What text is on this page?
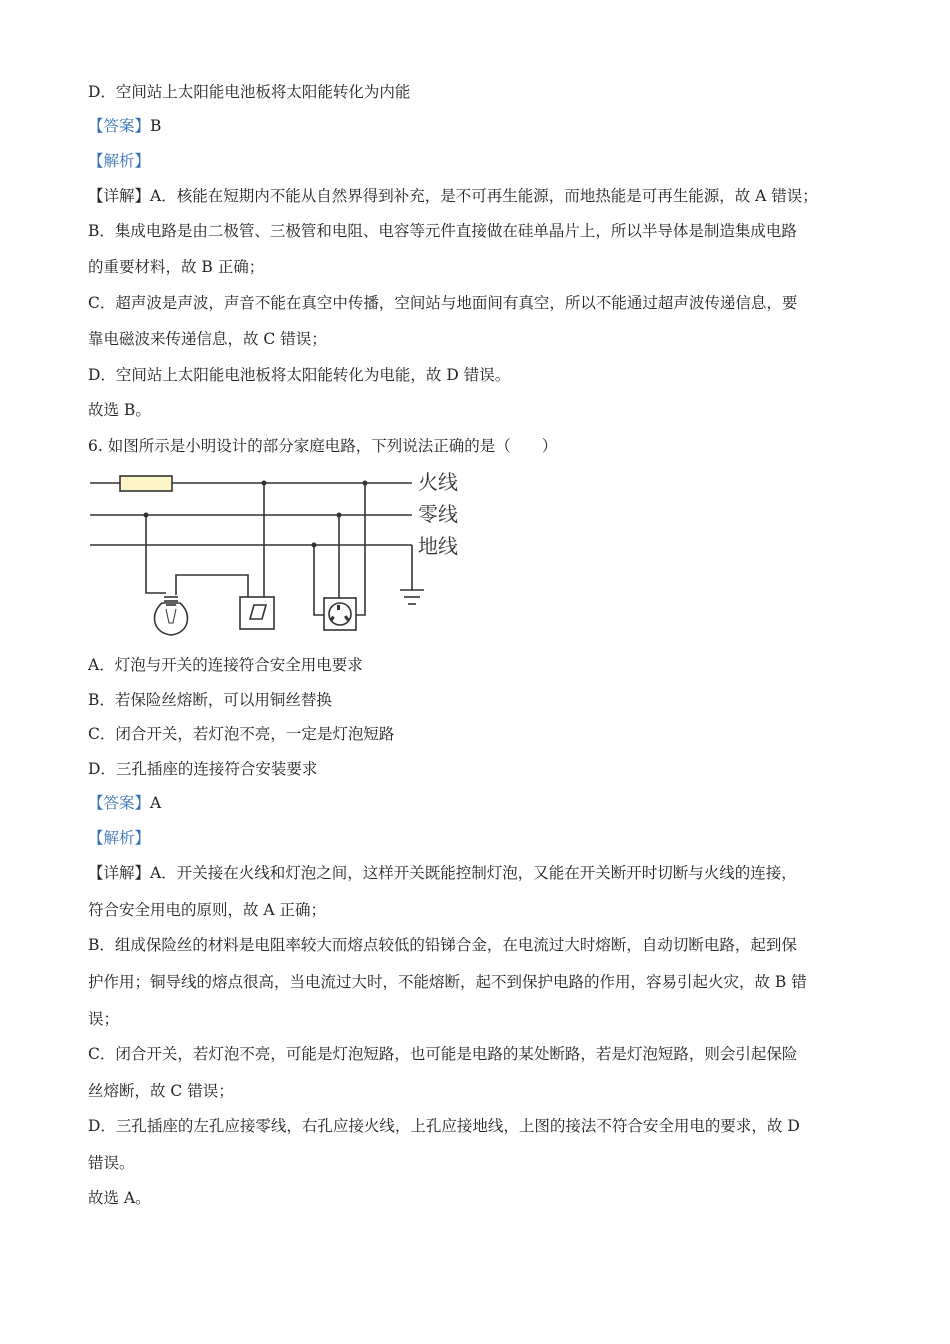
D．空间站上太阳能电池板将太阳能转化为内能
【答案】B
【解析】
【详解】A．核能在短期内不能从自然界得到补充，是不可再生能源，而地热能是可再生能源，故 A 错误；
B．集成电路是由二极管、三极管和电阻、电容等元件直接做在硅单晶片上，所以半导体是制造集成电路
的重要材料，故 B 正确；
C．超声波是声波，声音不能在真空中传播，空间站与地面间有真空，所以不能通过超声波传递信息，要
靠电磁波来传递信息，故 C 错误；
D．空间站上太阳能电池板将太阳能转化为电能，故 D 错误。
故选 B。
6. 如图所示是小明设计的部分家庭电路，下列说法正确的是（　　）
火线
零线
地线
A．灯泡与开关的连接符合安全用电要求
B．若保险丝熔断，可以用铜丝替换
C．闭合开关，若灯泡不亮，一定是灯泡短路
D．三孔插座的连接符合安装要求
【答案】A
【解析】
【详解】A．开关接在火线和灯泡之间，这样开关既能控制灯泡，又能在开关断开时切断与火线的连接，
符合安全用电的原则，故 A 正确；
B．组成保险丝的材料是电阻率较大而熔点较低的铅锑合金，在电流过大时熔断，自动切断电路，起到保
护作用；铜导线的熔点很高，当电流过大时，不能熔断，起不到保护电路的作用，容易引起火灾，故 B 错
误；
C．闭合开关，若灯泡不亮，可能是灯泡短路，也可能是电路的某处断路，若是灯泡短路，则会引起保险
丝熔断，故 C 错误；
D．三孔插座的左孔应接零线，右孔应接火线，上孔应接地线，上图的接法不符合安全用电的要求，故 D
错误。
故选 A。
